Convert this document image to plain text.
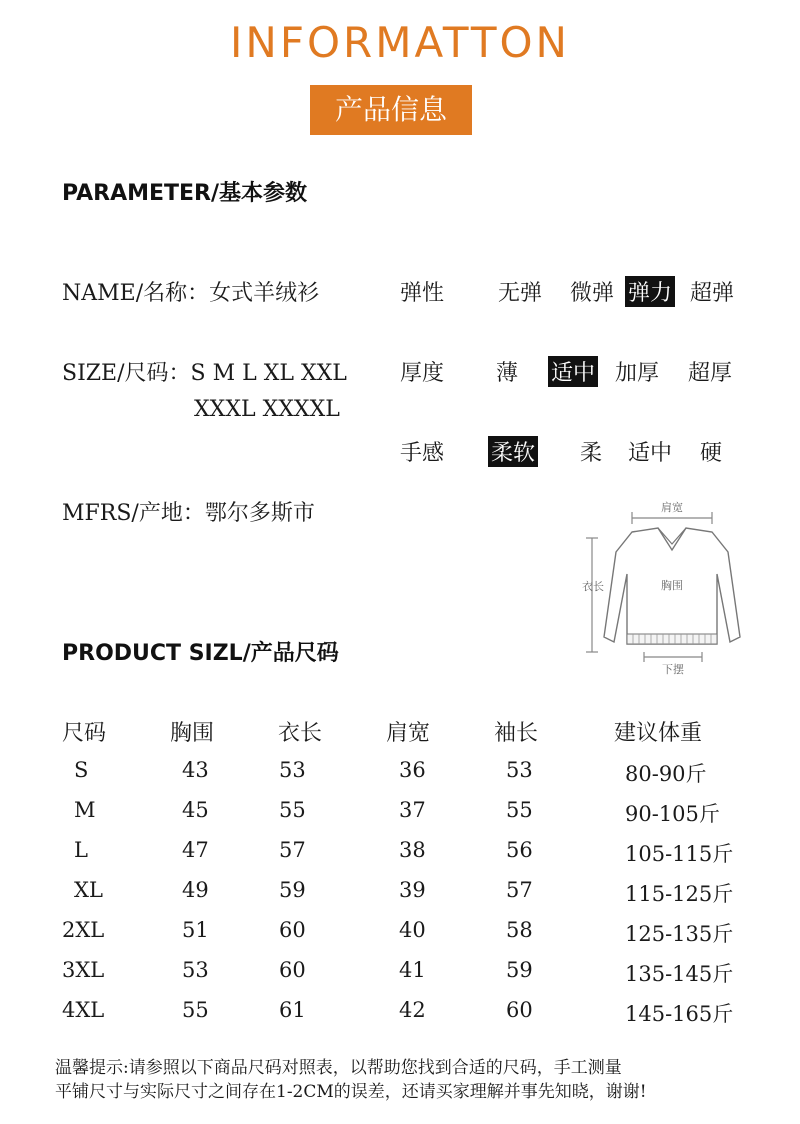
INFORMATTON
产品信息
PARAMETER/基本参数
NAME/名称：女式羊绒衫
SIZE/尺码：S M L XL XXL
XXXL XXXXL
MFRS/产地：鄂尔多斯市
弹性 无弹 微弹 弹力 超弹
厚度 薄 适中 加厚 超厚
手感 柔软 柔 适中 硬
肩宽
衣长	胸围
下摆
PRODUCT SIZL/产品尺码
尺码	胸围	衣长	肩宽	袖长	建议体重
S	43	53	36	53	80-90斤
M	45	55	37	55	90-105斤
L	47	57	38	56	105-115斤
XL	49	59	39	57	115-125斤
2XL	51	60	40	58	125-135斤
3XL	53	60	41	59	135-145斤
4XL	55	61	42	60	145-165斤
温馨提示:请参照以下商品尺码对照表，以帮助您找到合适的尺码，手工测量
平铺尺寸与实际尺寸之间存在1-2CM的误差，还请买家理解并事先知晓，谢谢!
